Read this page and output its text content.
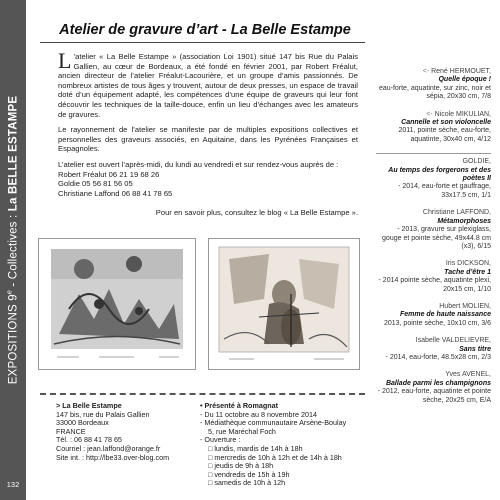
EXPOSITIONS 9e - Collectives : La BELLE ESTAMPE
132
Atelier de gravure d’art - La Belle Estampe

L ’atelier « La Belle Estampe » (association Loi 1901) situé 147 bis Rue du Palais Gallien, au cœur de Bordeaux, a été fondé en février 2001, par Robert Fréalut, ancien directeur de l’atelier Fréalut-Lacourière, et un groupe d’amis passionnés. De nombreux artistes de tous âges y trouvent, autour de deux presses, un espace de travail doté d’un équipement adapté, les compétences d’une équipe de graveurs qui leur font découvrir les techniques de la taille-douce, enfin un lieu d’échanges avec les amateurs de gravures.

Le rayonnement de l’atelier se manifeste par de multiples expositions collectives et personnelles des graveurs associés, en Aquitaine, dans les Pyrénées Françaises et Espagnoles.

L’atelier est ouvert l’après-midi, du lundi au vendredi et sur rendez-vous auprès de :
Robert Fréalut 06 21 19 68 26
Goldie 05 56 81 56 05
Christiane Laffond 06 88 41 78 65
Pour en savoir plus, consultez le blog « La Belle Estampe ».
> La Belle Estampe
147 bis, rue du Palais Gallien
33000 Bordeaux
FRANCE
Tél. : 06 88 41 78 65
Courriel : jean.laffond@orange.fr
Site int. : http://lbe33.over-blog.com
• Présenté à Romagnat
- Du 11 octobre au 8 novembre 2014
- Médiathèque communautaire Arsène-Boulay
5, rue Maréchal Foch
- Ouverture :
□ lundis, mardis de 14h à 18h
□ mercredis de 10h à 12h et de 14h à 18h
□ jeudis de 9h à 18h
□ vendredis de 15h à 19h
□ samedis de 10h à 12h
<- René HERMOUET,
Quelle époque !
eau-forte, aquatinte, sur zinc, noir et sépia, 20x30 cm, 7/8
<- Nicole MIKULIAN,
Cannelle et son violoncelle
2011, pointe sèche, eau-forte, aquatinte, 30x40 cm, 4/12
GOLDIE,
Au temps des forgerons et des poètes II
- 2014, eau-forte et gauffrage, 33x17.5 cm, 1/1
Christiane LAFFOND,
Métamorphoses
- 2013, gravure sur plexiglass, gouge et pointe sèche, 49x44.8 cm (x3), 6/15
Iris DICKSON,
Tache d’être 1
- 2014 pointe sèche, aquatinte plexi, 20x15 cm, 1/10
Hubert MOLIEN,
Femme de haute naissance
2013, pointe sèche, 10x10 cm, 3/6
Isabelle VALDELIEVRE,
Sans titre
- 2014, eau-forte, 48.5x28 cm, 2/3
Yves AVENEL,
Ballade parmi les champignons
- 2012, eau-forte, aquatinte et pointe sèche, 20x25 cm, E/A
